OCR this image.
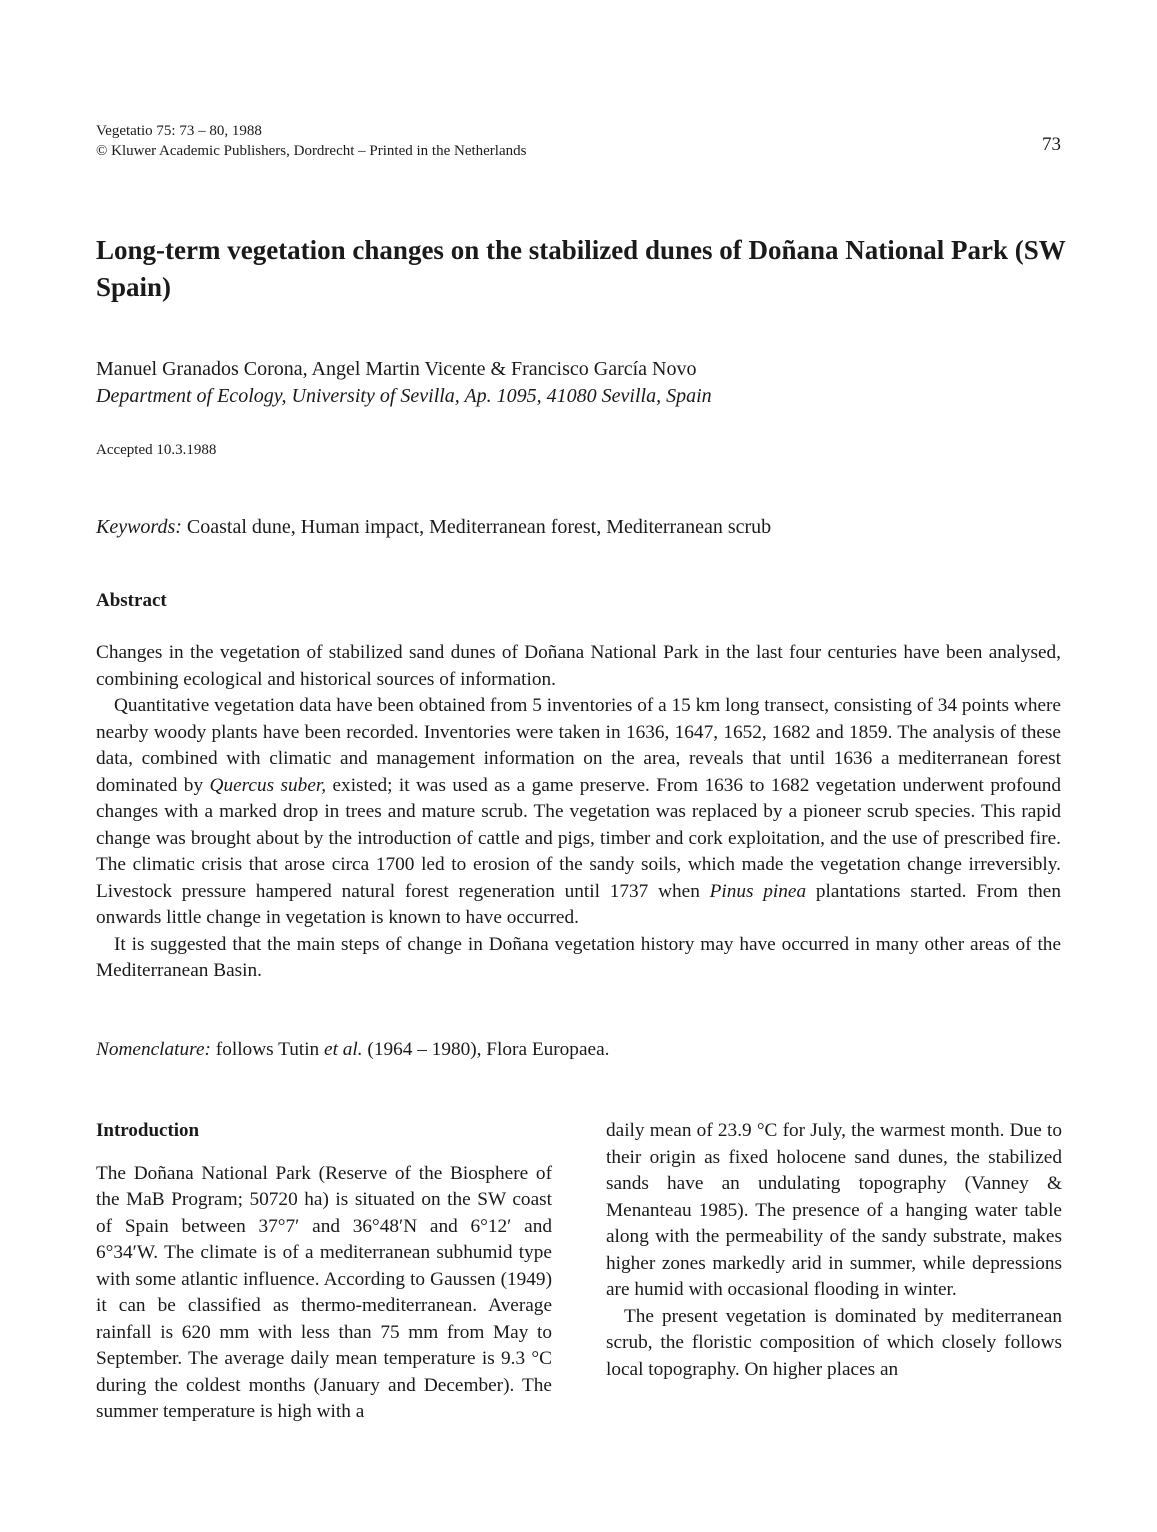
Vegetatio 75: 73 – 80, 1988
© Kluwer Academic Publishers, Dordrecht – Printed in the Netherlands	73
Long-term vegetation changes on the stabilized dunes of Doñana National Park (SW Spain)
Manuel Granados Corona, Angel Martin Vicente & Francisco García Novo
Department of Ecology, University of Sevilla, Ap. 1095, 41080 Sevilla, Spain
Accepted 10.3.1988
Keywords: Coastal dune, Human impact, Mediterranean forest, Mediterranean scrub
Abstract

Changes in the vegetation of stabilized sand dunes of Doñana National Park in the last four centuries have been analysed, combining ecological and historical sources of information.

Quantitative vegetation data have been obtained from 5 inventories of a 15 km long transect, consisting of 34 points where nearby woody plants have been recorded. Inventories were taken in 1636, 1647, 1652, 1682 and 1859. The analysis of these data, combined with climatic and management information on the area, reveals that until 1636 a mediterranean forest dominated by Quercus suber, existed; it was used as a game preserve. From 1636 to 1682 vegetation underwent profound changes with a marked drop in trees and mature scrub. The vegetation was replaced by a pioneer scrub species. This rapid change was brought about by the introduction of cattle and pigs, timber and cork exploitation, and the use of prescribed fire. The climatic crisis that arose circa 1700 led to erosion of the sandy soils, which made the vegetation change irreversibly. Livestock pressure hampered natural forest regeneration until 1737 when Pinus pinea plantations started. From then onwards little change in vegetation is known to have occurred.

It is suggested that the main steps of change in Doñana vegetation history may have occurred in many other areas of the Mediterranean Basin.

Nomenclature: follows Tutin et al. (1964 – 1980), Flora Europaea.

Introduction

The Doñana National Park (Reserve of the Biosphere of the MaB Program; 50720 ha) is situated on the SW coast of Spain between 37°7′ and 36°48′N and 6°12′ and 6°34′W. The climate is of a mediterranean subhumid type with some atlantic influence. According to Gaussen (1949) it can be classified as thermo-mediterranean. Average rainfall is 620 mm with less than 75 mm from May to September. The average daily mean temperature is 9.3 °C during the coldest months (January and December). The summer temperature is high with a

daily mean of 23.9 °C for July, the warmest month. Due to their origin as fixed holocene sand dunes, the stabilized sands have an undulating topography (Vanney & Menanteau 1985). The presence of a hanging water table along with the permeability of the sandy substrate, makes higher zones markedly arid in summer, while depressions are humid with occasional flooding in winter.

The present vegetation is dominated by mediterranean scrub, the floristic composition of which closely follows local topography. On higher places an
